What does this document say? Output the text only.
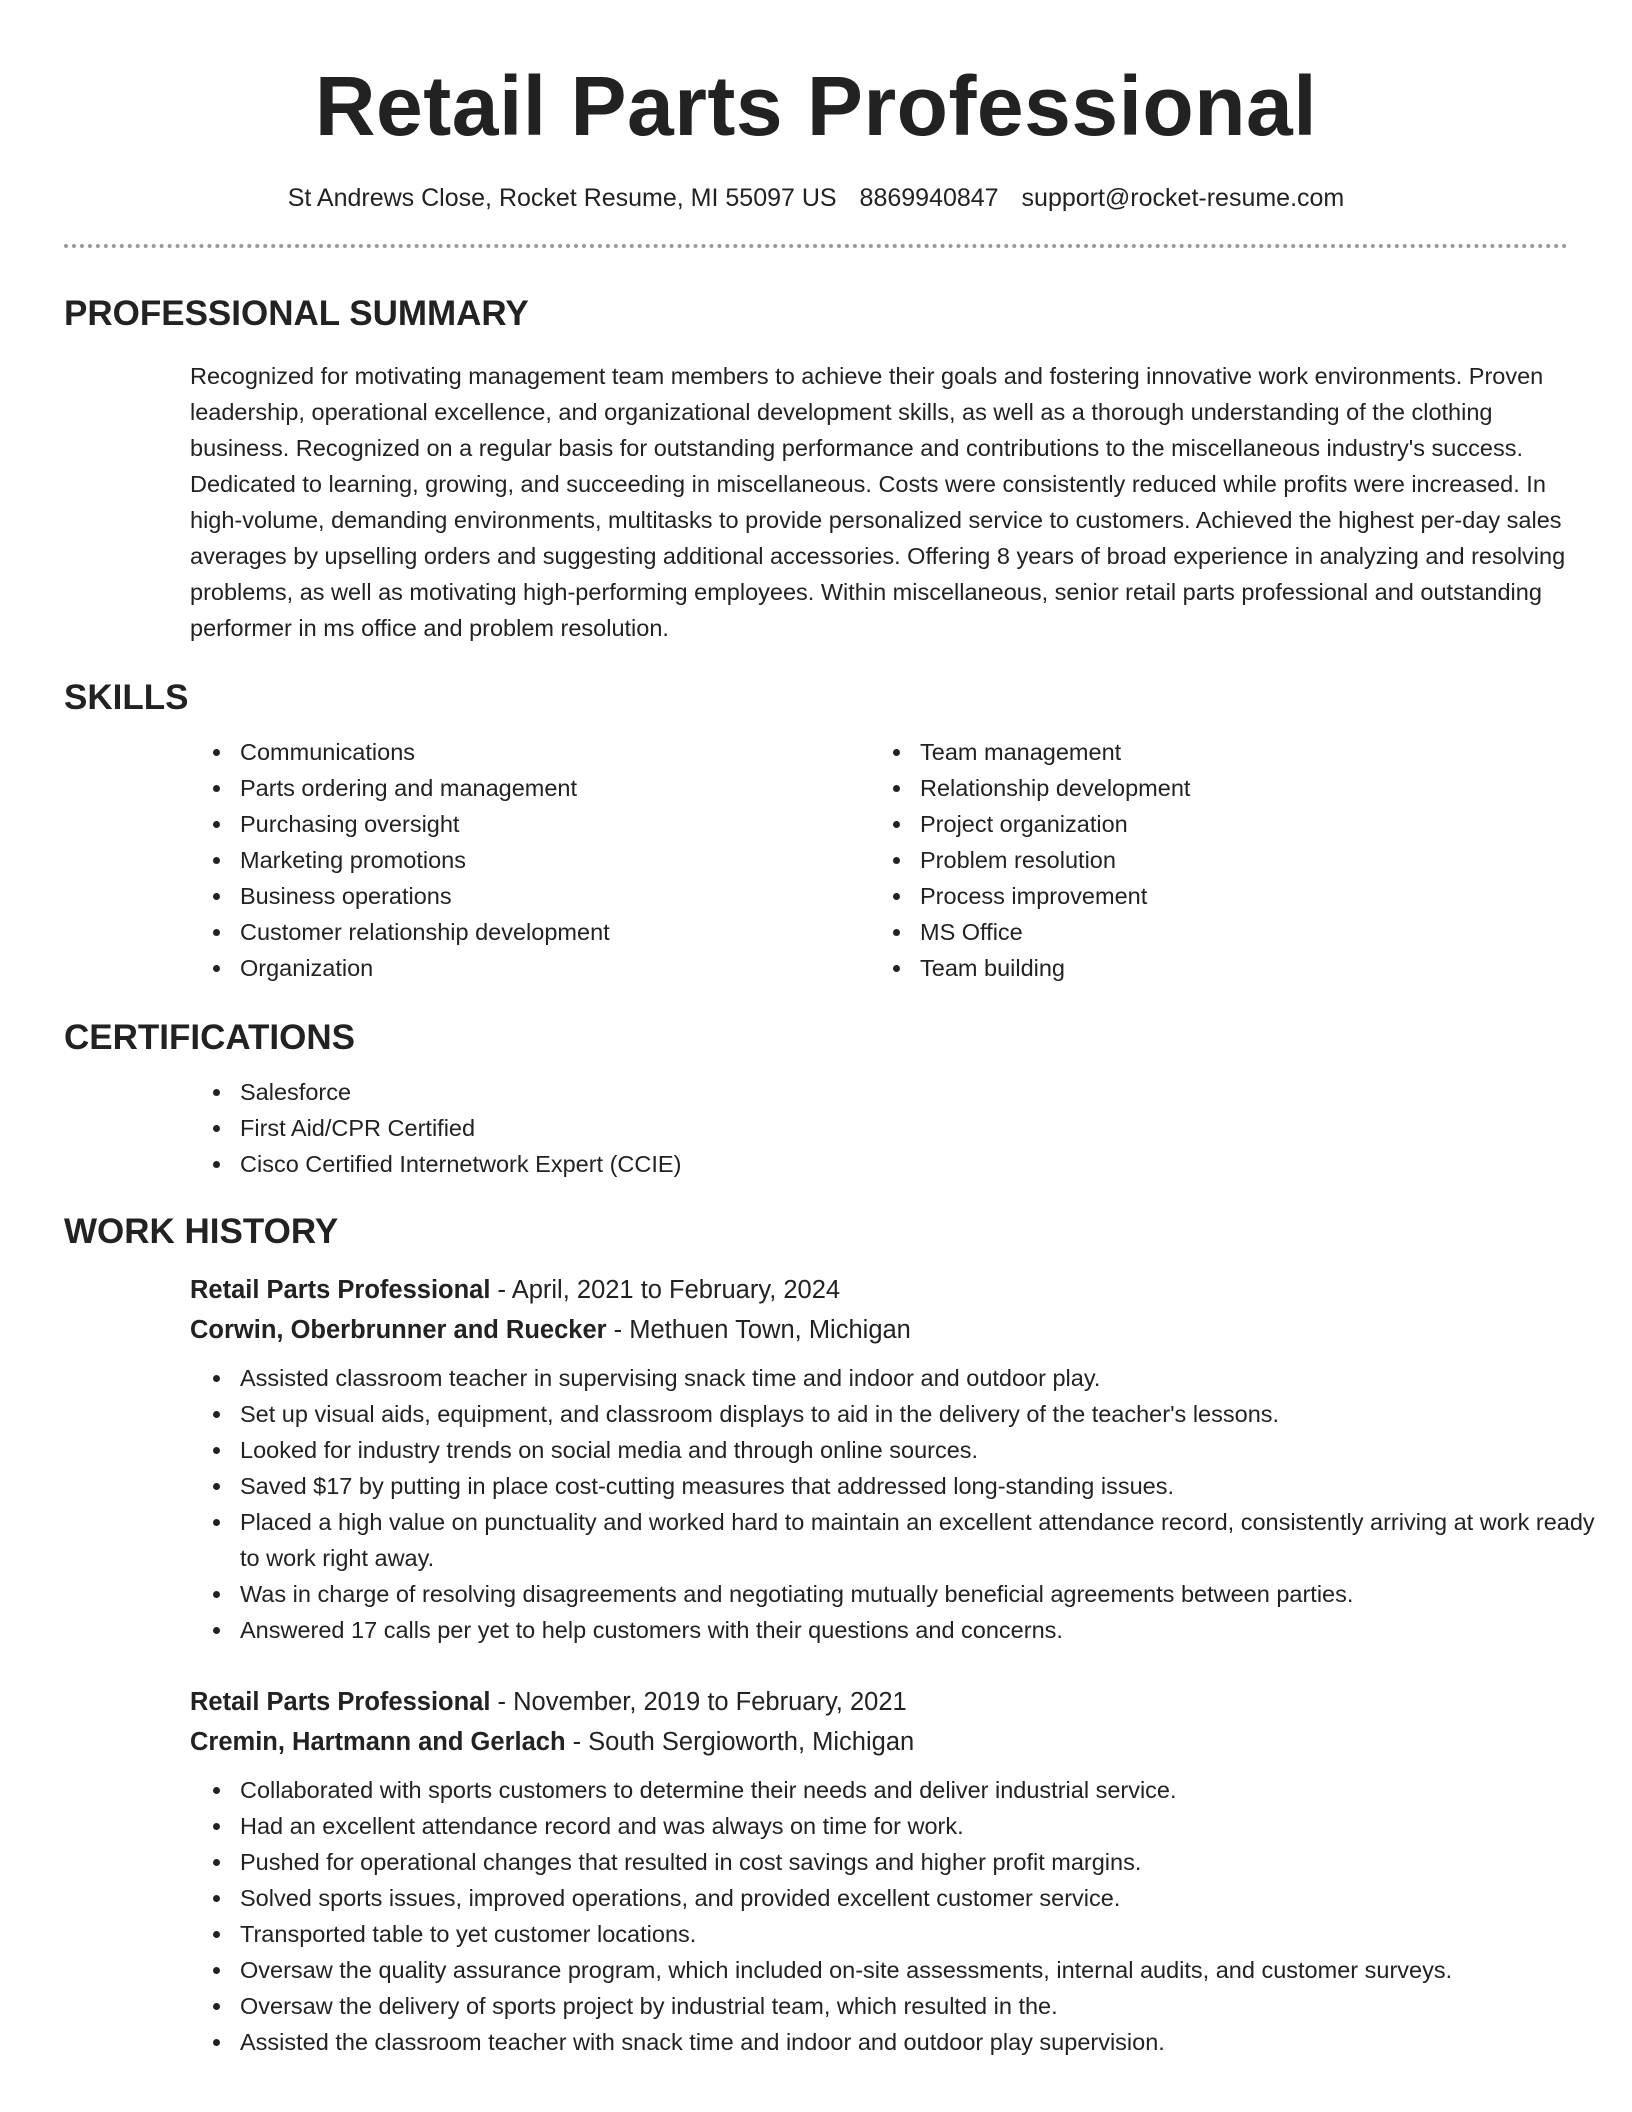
Retail Parts Professional
St Andrews Close, Rocket Resume, MI 55097 US 8869940847 support@rocket-resume.com
PROFESSIONAL SUMMARY

Recognized for motivating management team members to achieve their goals and fostering innovative work environments. Proven leadership, operational excellence, and organizational development skills, as well as a thorough understanding of the clothing business. Recognized on a regular basis for outstanding performance and contributions to the miscellaneous industry's success. Dedicated to learning, growing, and succeeding in miscellaneous. Costs were consistently reduced while profits were increased. In high-volume, demanding environments, multitasks to provide personalized service to customers. Achieved the highest per-day sales averages by upselling orders and suggesting additional accessories. Offering 8 years of broad experience in analyzing and resolving problems, as well as motivating high-performing employees. Within miscellaneous, senior retail parts professional and outstanding performer in ms office and problem resolution.

SKILLS
• Communications
• Parts ordering and management
• Purchasing oversight
• Marketing promotions
• Business operations
• Customer relationship development
• Organization
• Team management
• Relationship development
• Project organization
• Problem resolution
• Process improvement
• MS Office
• Team building
CERTIFICATIONS
• Salesforce
• First Aid/CPR Certified
• Cisco Certified Internetwork Expert (CCIE)
WORK HISTORY
Retail Parts Professional - April, 2021 to February, 2024
Corwin, Oberbrunner and Ruecker - Methuen Town, Michigan
• Assisted classroom teacher in supervising snack time and indoor and outdoor play.
• Set up visual aids, equipment, and classroom displays to aid in the delivery of the teacher's lessons.
• Looked for industry trends on social media and through online sources.
• Saved $17 by putting in place cost-cutting measures that addressed long-standing issues.
• Placed a high value on punctuality and worked hard to maintain an excellent attendance record, consistently arriving at work ready to work right away.
• Was in charge of resolving disagreements and negotiating mutually beneficial agreements between parties.
• Answered 17 calls per yet to help customers with their questions and concerns.
Retail Parts Professional - November, 2019 to February, 2021
Cremin, Hartmann and Gerlach - South Sergioworth, Michigan
• Collaborated with sports customers to determine their needs and deliver industrial service.
• Had an excellent attendance record and was always on time for work.
• Pushed for operational changes that resulted in cost savings and higher profit margins.
• Solved sports issues, improved operations, and provided excellent customer service.
• Transported table to yet customer locations.
• Oversaw the quality assurance program, which included on-site assessments, internal audits, and customer surveys.
• Oversaw the delivery of sports project by industrial team, which resulted in the.
• Assisted the classroom teacher with snack time and indoor and outdoor play supervision.
